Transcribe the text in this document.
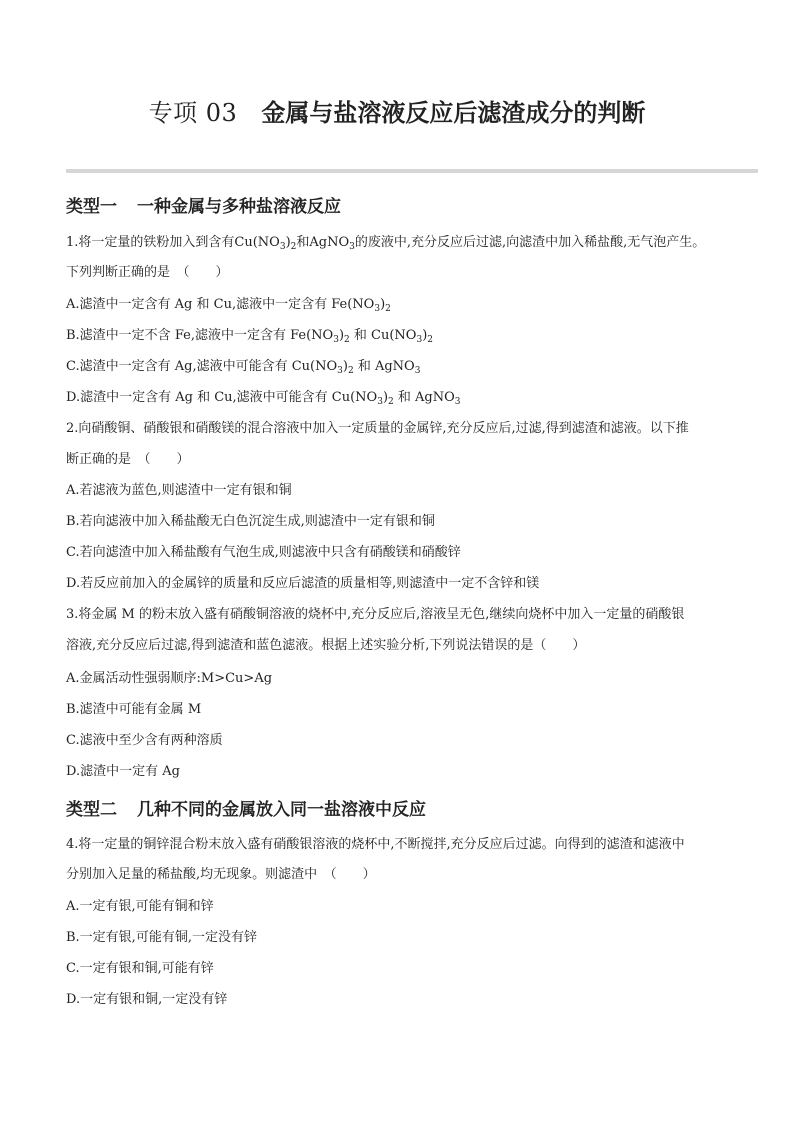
专项 03 金属与盐溶液反应后滤渣成分的判断
类型一 一种金属与多种盐溶液反应
1.将一定量的铁粉加入到含有$Cu(NO_3)_2$和AgNO$_3$的废液中,充分反应后过滤,向滤渣中加入稀盐酸,无气泡产生。
下列判断正确的是　（　　）
A.滤渣中一定含有 Ag 和 Cu,滤液中一定含有 $Fe(NO_3)_2$
B.滤渣中一定不含 Fe,滤液中一定含有 $Fe(NO_3)_2$ 和 $Cu(NO_3)_2$
C.滤渣中一定含有 Ag,滤液中可能含有 $Cu(NO_3)_2$ 和 AgNO$_3$
D.滤渣中一定含有 Ag 和 Cu,滤液中可能含有 $Cu(NO_3)_2$ 和 AgNO$_3$
2.向硝酸铜、硝酸银和硝酸镁的混合溶液中加入一定质量的金属锌,充分反应后,过滤,得到滤渣和滤液。以下推
断正确的是　（　　）
A.若滤液为蓝色,则滤渣中一定有银和铜
B.若向滤液中加入稀盐酸无白色沉淀生成,则滤渣中一定有银和铜
C.若向滤渣中加入稀盐酸有气泡生成,则滤液中只含有硝酸镁和硝酸锌
D.若反应前加入的金属锌的质量和反应后滤渣的质量相等,则滤渣中一定不含锌和镁
3.将金属 M 的粉末放入盛有硝酸铜溶液的烧杯中,充分反应后,溶液呈无色,继续向烧杯中加入一定量的硝酸银
溶液,充分反应后过滤,得到滤渣和蓝色滤液。根据上述实验分析,下列说法错误的是（　　）
A.金属活动性强弱顺序:M>Cu>Ag
B.滤渣中可能有金属 M
C.滤液中至少含有两种溶质
D.滤渣中一定有 Ag
类型二 几种不同的金属放入同一盐溶液中反应
4.将一定量的铜锌混合粉末放入盛有硝酸银溶液的烧杯中,不断搅拌,充分反应后过滤。向得到的滤渣和滤液中
分别加入足量的稀盐酸,均无现象。则滤渣中　（　　）
A.一定有银,可能有铜和锌
B.一定有银,可能有铜,一定没有锌
C.一定有银和铜,可能有锌
D.一定有银和铜,一定没有锌
